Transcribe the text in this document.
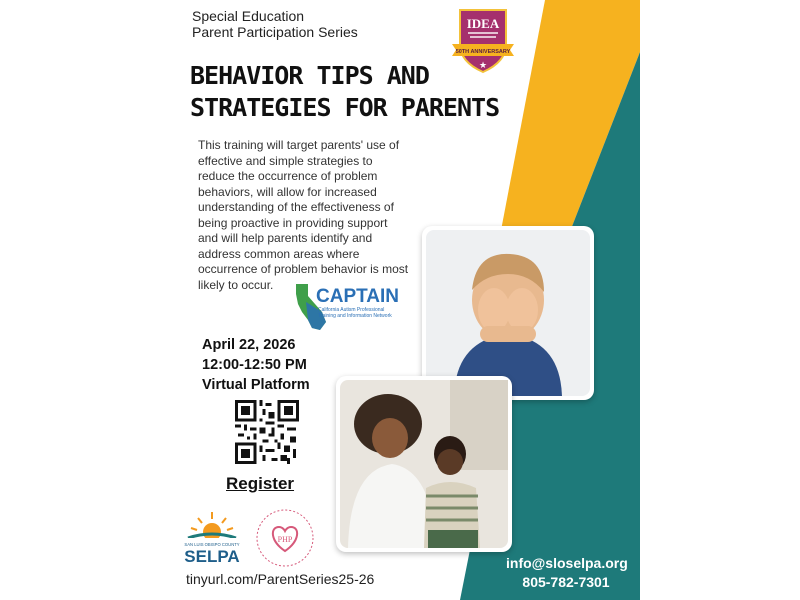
Special Education
Parent Participation Series
IDEA
50TH ANNIVERSARY
★
BEHAVIOR TIPS AND
STRATEGIES FOR PARENTS
This training will target parents' use of
effective and simple strategies to
reduce the occurrence of problem
behaviors, will allow for increased
understanding of the effectiveness of
being proactive in providing support
and will help parents identify and
address common areas where
occurrence of problem behavior is most
likely to occur.
CAPTAIN
California Autism Professional
Training and Information Network
April 22, 2026
12:00-12:50 PM
Virtual Platform
Register
SAN LUIS OBISPO COUNTY
SELPA
PHP
tinyurl.com/ParentSeries25-26
info@sloselpa.org
805-782-7301
